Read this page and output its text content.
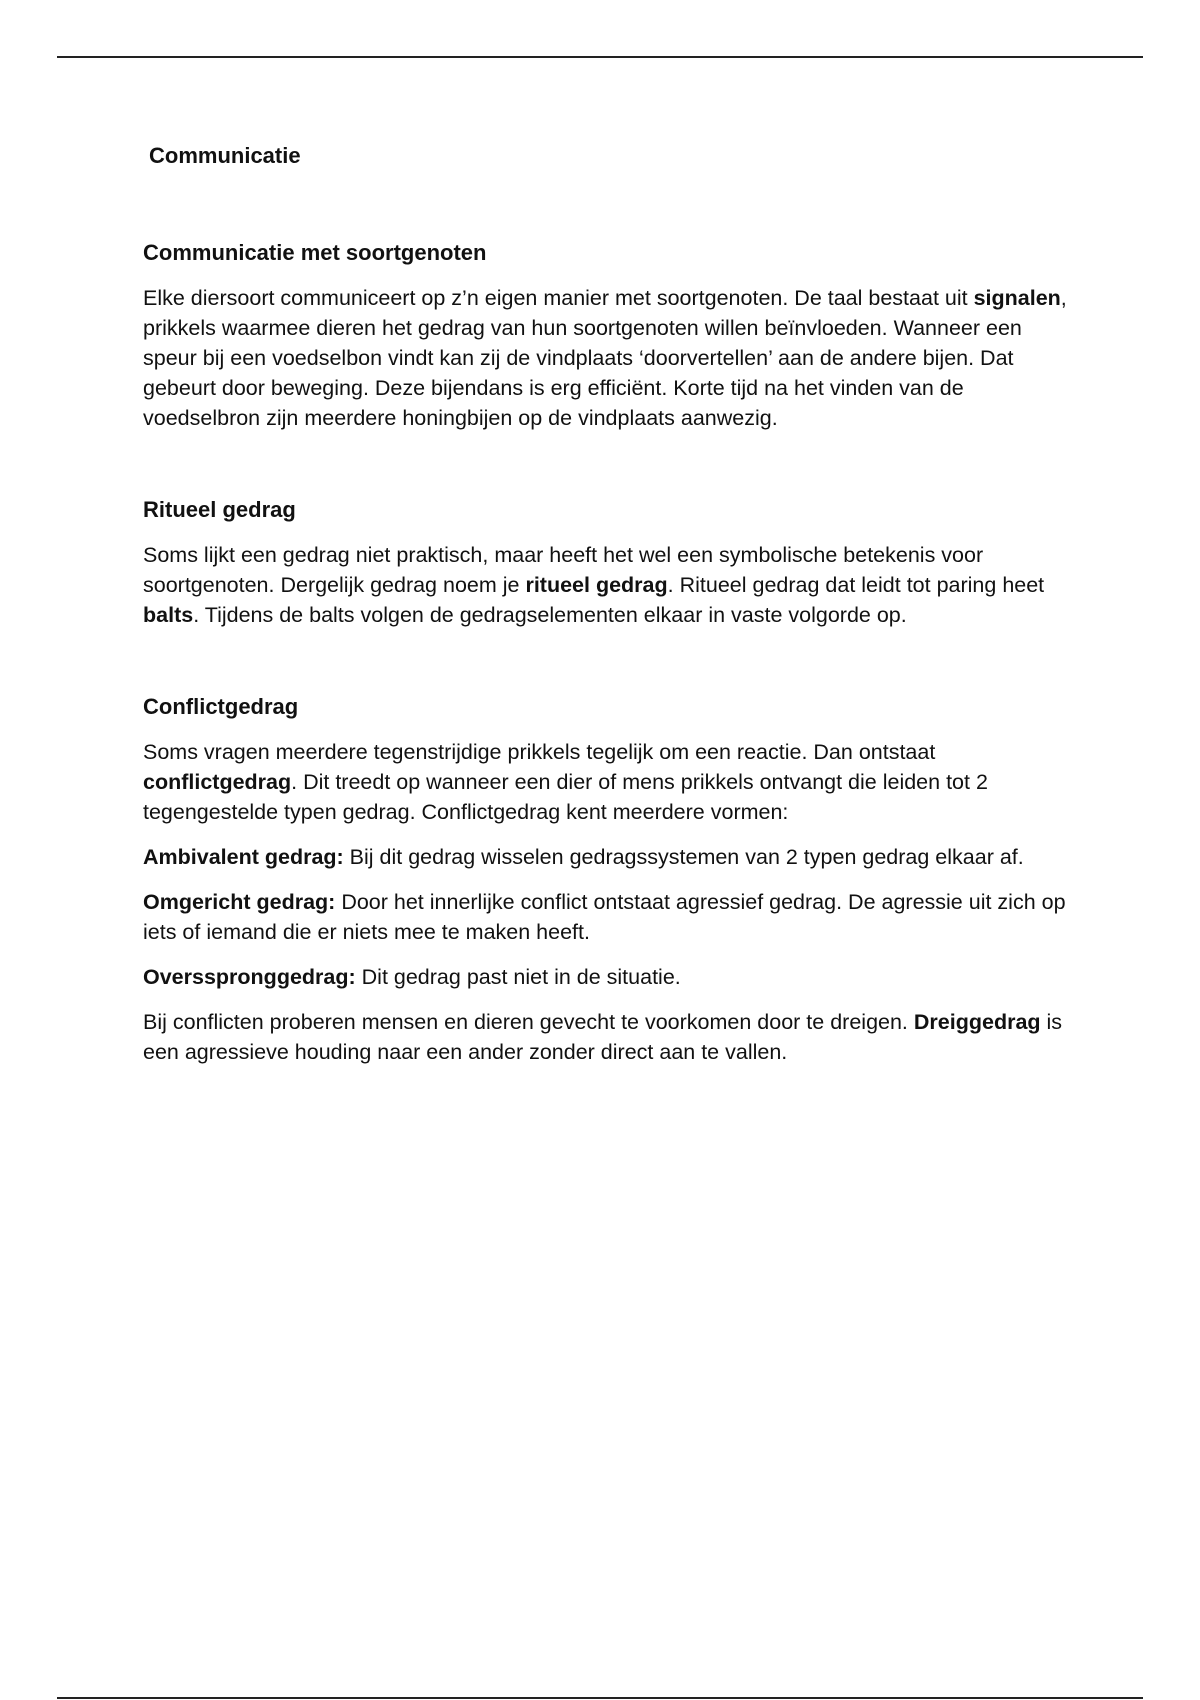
Communicatie
Communicatie met soortgenoten

Elke diersoort communiceert op z’n eigen manier met soortgenoten. De taal bestaat uit signalen, prikkels waarmee dieren het gedrag van hun soortgenoten willen beïnvloeden. Wanneer een speur bij een voedselbon vindt kan zij de vindplaats ‘doorvertellen’ aan de andere bijen. Dat gebeurt door beweging. Deze bijendans is erg efficiënt. Korte tijd na het vinden van de voedselbron zijn meerdere honingbijen op de vindplaats aanwezig.

Ritueel gedrag

Soms lijkt een gedrag niet praktisch, maar heeft het wel een symbolische betekenis voor soortgenoten. Dergelijk gedrag noem je ritueel gedrag. Ritueel gedrag dat leidt tot paring heet balts. Tijdens de balts volgen de gedragselementen elkaar in vaste volgorde op.

Conflictgedrag

Soms vragen meerdere tegenstrijdige prikkels tegelijk om een reactie. Dan ontstaat conflictgedrag. Dit treedt op wanneer een dier of mens prikkels ontvangt die leiden tot 2 tegengestelde typen gedrag. Conflictgedrag kent meerdere vormen:

Ambivalent gedrag: Bij dit gedrag wisselen gedragssystemen van 2 typen gedrag elkaar af.

Omgericht gedrag: Door het innerlijke conflict ontstaat agressief gedrag. De agressie uit zich op iets of iemand die er niets mee te maken heeft.

Oversspronggedrag: Dit gedrag past niet in de situatie.

Bij conflicten proberen mensen en dieren gevecht te voorkomen door te dreigen. Dreiggedrag is een agressieve houding naar een ander zonder direct aan te vallen.
